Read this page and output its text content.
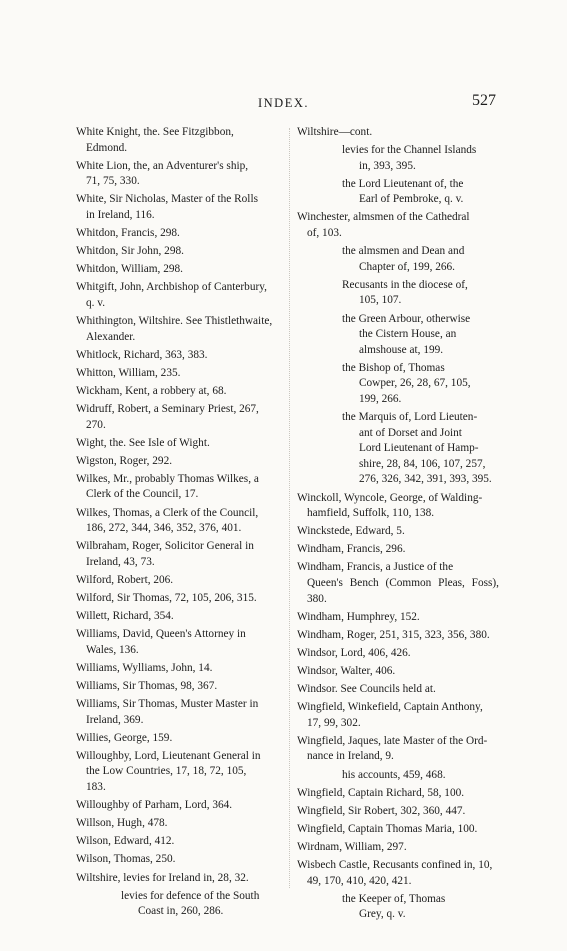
INDEX.	527
White Knight, the. See Fitzgibbon,
Edmond.
White Lion, the, an Adventurer's ship,
71, 75, 330.
White, Sir Nicholas, Master of the Rolls
in Ireland, 116.
Whitdon, Francis, 298.
Whitdon, Sir John, 298.
Whitdon, William, 298.
Whitgift, John, Archbishop of Canterbury,
q. v.
Whithington, Wiltshire. See Thistlethwaite,
Alexander.
Whitlock, Richard, 363, 383.
Whitton, William, 235.
Wickham, Kent, a robbery at, 68.
Widruff, Robert, a Seminary Priest, 267,
270.
Wight, the. See Isle of Wight.
Wigston, Roger, 292.
Wilkes, Mr., probably Thomas Wilkes, a
Clerk of the Council, 17.
Wilkes, Thomas, a Clerk of the Council,
186, 272, 344, 346, 352, 376, 401.
Wilbraham, Roger, Solicitor General in
Ireland, 43, 73.
Wilford, Robert, 206.
Wilford, Sir Thomas, 72, 105, 206, 315.
Willett, Richard, 354.
Williams, David, Queen's Attorney in
Wales, 136.
Williams, Wylliams, John, 14.
Williams, Sir Thomas, 98, 367.
Williams, Sir Thomas, Muster Master in
Ireland, 369.
Willies, George, 159.
Willoughby, Lord, Lieutenant General in
the Low Countries, 17, 18, 72, 105,
183.
Willoughby of Parham, Lord, 364.
Willson, Hugh, 478.
Wilson, Edward, 412.
Wilson, Thomas, 250.
Wiltshire, levies for Ireland in, 28, 32.
levies for defence of the South
Coast in, 260, 286.
Wiltshire—cont.
levies for the Channel Islands
in, 393, 395.
the Lord Lieutenant of, the
Earl of Pembroke, q. v.
Winchester, almsmen of the Cathedral
of, 103.
the almsmen and Dean and
Chapter of, 199, 266.
Recusants in the diocese of,
105, 107.
the Green Arbour, otherwise
the Cistern House, an
almshouse at, 199.
the Bishop of, Thomas
Cowper, 26, 28, 67, 105,
199, 266.
the Marquis of, Lord Lieuten-
ant of Dorset and Joint
Lord Lieutenant of Hamp-
shire, 28, 84, 106, 107, 257,
276, 326, 342, 391, 393, 395.
Winckoll, Wyncole, George, of Walding-
hamfield, Suffolk, 110, 138.
Winckstede, Edward, 5.
Windham, Francis, 296.
Windham, Francis, a Justice of the
Queen's Bench (Common Pleas, Foss), 380.
Windham, Humphrey, 152.
Windham, Roger, 251, 315, 323, 356, 380.
Windsor, Lord, 406, 426.
Windsor, Walter, 406.
Windsor. See Councils held at.
Wingfield, Winkefield, Captain Anthony,
17, 99, 302.
Wingfield, Jaques, late Master of the Ord-
nance in Ireland, 9.
his accounts, 459, 468.
Wingfield, Captain Richard, 58, 100.
Wingfield, Sir Robert, 302, 360, 447.
Wingfield, Captain Thomas Maria, 100.
Wirdnam, William, 297.
Wisbech Castle, Recusants confined in, 10,
49, 170, 410, 420, 421.
the Keeper of, Thomas
Grey, q. v.
